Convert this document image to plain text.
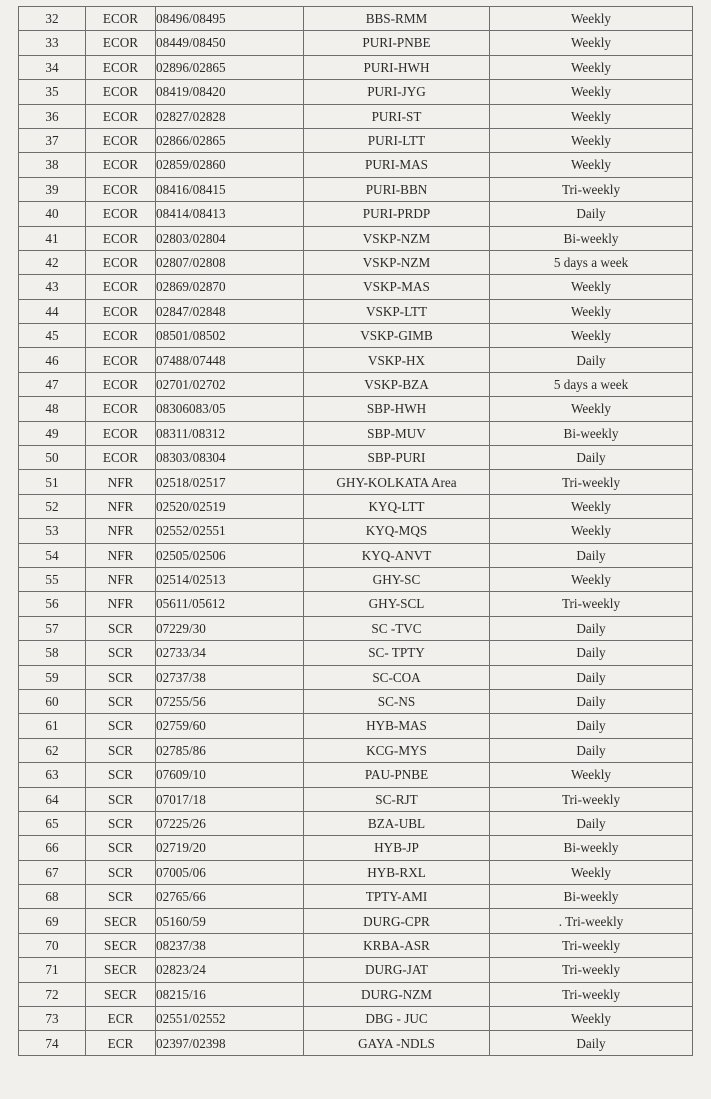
32	ECOR	08496/08495	BBS-RMM	Weekly
33	ECOR	08449/08450	PURI-PNBE	Weekly
34	ECOR	02896/02865	PURI-HWH	Weekly
35	ECOR	08419/08420	PURI-JYG	Weekly
36	ECOR	02827/02828	PURI-ST	Weekly
37	ECOR	02866/02865	PURI-LTT	Weekly
38	ECOR	02859/02860	PURI-MAS	Weekly
39	ECOR	08416/08415	PURI-BBN	Tri-weekly
40	ECOR	08414/08413	PURI-PRDP	Daily
41	ECOR	02803/02804	VSKP-NZM	Bi-weekly
42	ECOR	02807/02808	VSKP-NZM	5 days a week
43	ECOR	02869/02870	VSKP-MAS	Weekly
44	ECOR	02847/02848	VSKP-LTT	Weekly
45	ECOR	08501/08502	VSKP-GIMB	Weekly
46	ECOR	07488/07448	VSKP-HX	Daily
47	ECOR	02701/02702	VSKP-BZA	5 days a week
48	ECOR	08306083/05	SBP-HWH	Weekly
49	ECOR	08311/08312	SBP-MUV	Bi-weekly
50	ECOR	08303/08304	SBP-PURI	Daily
51	NFR	02518/02517	GHY-KOLKATA Area	Tri-weekly
52	NFR	02520/02519	KYQ-LTT	Weekly
53	NFR	02552/02551	KYQ-MQS	Weekly
54	NFR	02505/02506	KYQ-ANVT	Daily
55	NFR	02514/02513	GHY-SC	Weekly
56	NFR	05611/05612	GHY-SCL	Tri-weekly
57	SCR	07229/30	SC -TVC	Daily
58	SCR	02733/34	SC- TPTY	Daily
59	SCR	02737/38	SC-COA	Daily
60	SCR	07255/56	SC-NS	Daily
61	SCR	02759/60	HYB-MAS	Daily
62	SCR	02785/86	KCG-MYS	Daily
63	SCR	07609/10	PAU-PNBE	Weekly
64	SCR	07017/18	SC-RJT	Tri-weekly
65	SCR	07225/26	BZA-UBL	Daily
66	SCR	02719/20	HYB-JP	Bi-weekly
67	SCR	07005/06	HYB-RXL	Weekly
68	SCR	02765/66	TPTY-AMI	Bi-weekly
69	SECR	05160/59	DURG-CPR	. Tri-weekly
70	SECR	08237/38	KRBA-ASR	Tri-weekly
71	SECR	02823/24	DURG-JAT	Tri-weekly
72	SECR	08215/16	DURG-NZM	Tri-weekly
73	ECR	02551/02552	DBG - JUC	Weekly
74	ECR	02397/02398	GAYA -NDLS	Daily
